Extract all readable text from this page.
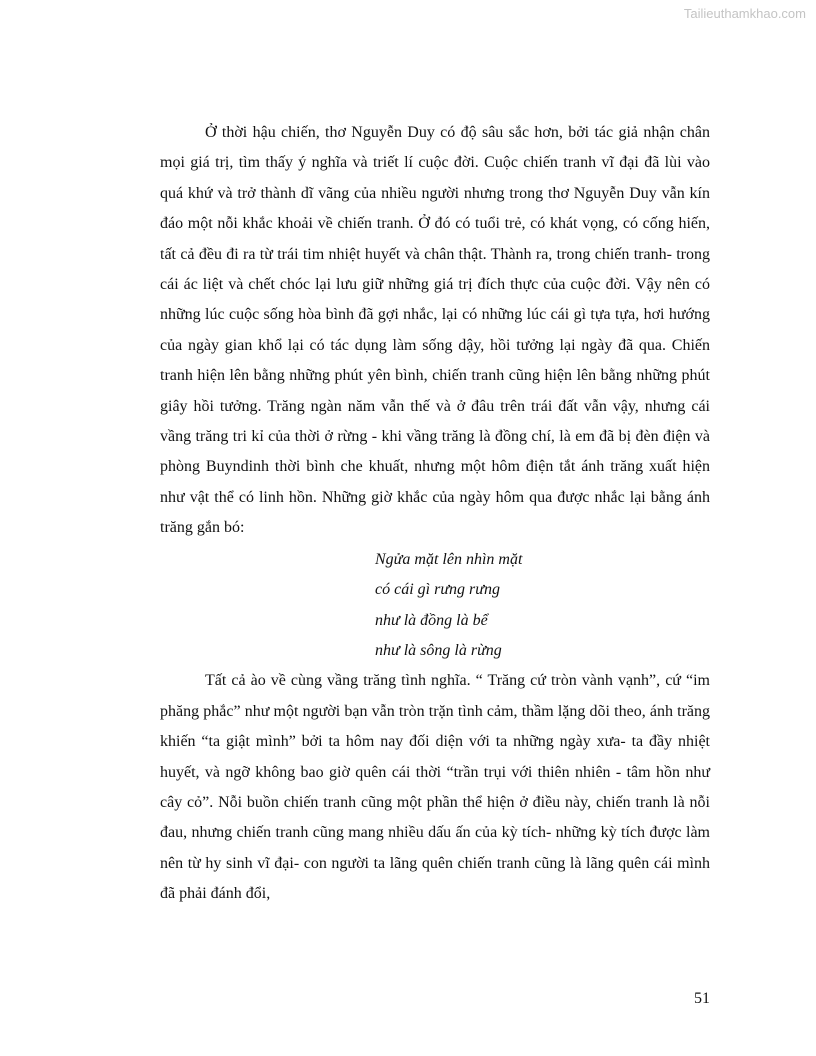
Tailieuthamkhao.com

Ở thời hậu chiến, thơ Nguyễn Duy có độ sâu sắc hơn, bởi tác giả nhận chân mọi giá trị, tìm thấy ý nghĩa và triết lí cuộc đời. Cuộc chiến tranh vĩ đại đã lùi vào quá khứ và trở thành dĩ vãng của nhiều người nhưng trong thơ Nguyễn Duy vẫn kín đáo một nỗi khắc khoải về chiến tranh. Ở đó có tuổi trẻ, có khát vọng, có cống hiến, tất cả đều đi ra từ trái tim nhiệt huyết và chân thật. Thành ra, trong chiến tranh- trong cái ác liệt và chết chóc lại lưu giữ những giá trị đích thực của cuộc đời. Vậy nên có những lúc cuộc sống hòa bình đã gợi nhắc, lại có những lúc cái gì tựa tựa, hơi hướng của ngày gian khổ lại có tác dụng làm sống dậy, hồi tưởng lại ngày đã qua. Chiến tranh hiện lên bằng những phút yên bình, chiến tranh cũng hiện lên bằng những phút giây hồi tưởng. Trăng ngàn năm vẫn thế và ở đâu trên trái đất vẫn vậy, nhưng cái vầng trăng tri kỉ của thời ở rừng - khi vầng trăng là đồng chí, là em đã bị đèn điện và phòng Buyndinh thời bình che khuất, nhưng một hôm điện tắt ánh trăng xuất hiện như vật thể có linh hồn. Những giờ khắc của ngày hôm qua được nhắc lại bằng ánh trăng gắn bó:

Ngửa mặt lên nhìn mặt
có cái gì rưng rưng
như là đồng là bể
như là sông là rừng

Tất cả ào về cùng vầng trăng tình nghĩa. “ Trăng cứ tròn vành vạnh”, cứ “im phăng phắc” như một người bạn vẫn tròn trặn tình cảm, thầm lặng dõi theo, ánh trăng khiến “ta giật mình” bởi ta hôm nay đối diện với ta những ngày xưa- ta đầy nhiệt huyết, và ngỡ không bao giờ quên cái thời “trần trụi với thiên nhiên - tâm hồn như cây cỏ”. Nỗi buồn chiến tranh cũng một phần thể hiện ở điều này, chiến tranh là nỗi đau, nhưng chiến tranh cũng mang nhiều dấu ấn của kỳ tích- những kỳ tích được làm nên từ hy sinh vĩ đại- con người ta lãng quên chiến tranh cũng là lãng quên cái mình đã phải đánh đổi,

51
